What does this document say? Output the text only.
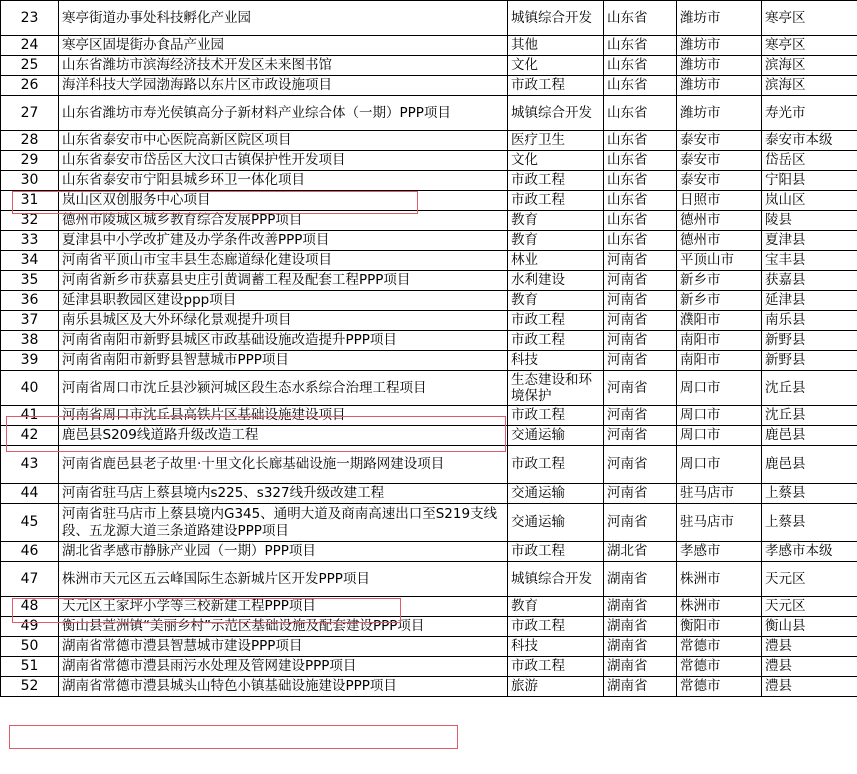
23	寒亭街道办事处科技孵化产业园	城镇综合开发	山东省	潍坊市	寒亭区
24	寒亭区固堤街办食品产业园	其他	山东省	潍坊市	寒亭区
25	山东省潍坊市滨海经济技术开发区未来图书馆	文化	山东省	潍坊市	滨海区
26	海洋科技大学园渤海路以东片区市政设施项目	市政工程	山东省	潍坊市	滨海区
27	山东省潍坊市寿光侯镇高分子新材料产业综合体（一期）PPP项目	城镇综合开发	山东省	潍坊市	寿光市
28	山东省泰安市中心医院高新区院区项目	医疗卫生	山东省	泰安市	泰安市本级
29	山东省泰安市岱岳区大汶口古镇保护性开发项目	文化	山东省	泰安市	岱岳区
30	山东省泰安市宁阳县城乡环卫一体化项目	市政工程	山东省	泰安市	宁阳县
31	岚山区双创服务中心项目	市政工程	山东省	日照市	岚山区
32	德州市陵城区城乡教育综合发展PPP项目	教育	山东省	德州市	陵县
33	夏津县中小学改扩建及办学条件改善PPP项目	教育	山东省	德州市	夏津县
34	河南省平顶山市宝丰县生态廊道绿化建设项目	林业	河南省	平顶山市	宝丰县
35	河南省新乡市获嘉县史庄引黄调蓄工程及配套工程PPP项目	水利建设	河南省	新乡市	获嘉县
36	延津县职教园区建设ppp项目	教育	河南省	新乡市	延津县
37	南乐县城区及大外环绿化景观提升项目	市政工程	河南省	濮阳市	南乐县
38	河南省南阳市新野县城区市政基础设施改造提升PPP项目	市政工程	河南省	南阳市	新野县
39	河南省南阳市新野县智慧城市PPP项目	科技	河南省	南阳市	新野县
40	河南省周口市沈丘县沙颍河城区段生态水系综合治理工程项目	生态建设和环境保护	河南省	周口市	沈丘县
41	河南省周口市沈丘县高铁片区基础设施建设项目	市政工程	河南省	周口市	沈丘县
42	鹿邑县S209线道路升级改造工程	交通运输	河南省	周口市	鹿邑县
43	河南省鹿邑县老子故里·十里文化长廊基础设施一期路网建设项目	市政工程	河南省	周口市	鹿邑县
44	河南省驻马店上蔡县境内s225、s327线升级改建工程	交通运输	河南省	驻马店市	上蔡县
45	河南省驻马店市上蔡县境内G345、通明大道及商南高速出口至S219支线段、五龙源大道三条道路建设PPP项目	交通运输	河南省	驻马店市	上蔡县
46	湖北省孝感市静脉产业园（一期）PPP项目	市政工程	湖北省	孝感市	孝感市本级
47	株洲市天元区五云峰国际生态新城片区开发PPP项目	城镇综合开发	湖南省	株洲市	天元区
48	天元区王家坪小学等三校新建工程PPP项目	教育	湖南省	株洲市	天元区
49	衡山县萱洲镇“美丽乡村”示范区基础设施及配套建设PPP项目	市政工程	湖南省	衡阳市	衡山县
50	湖南省常德市澧县智慧城市建设PPP项目	科技	湖南省	常德市	澧县
51	湖南省常德市澧县雨污水处理及管网建设PPP项目	市政工程	湖南省	常德市	澧县
52	湖南省常德市澧县城头山特色小镇基础设施建设PPP项目	旅游	湖南省	常德市	澧县
